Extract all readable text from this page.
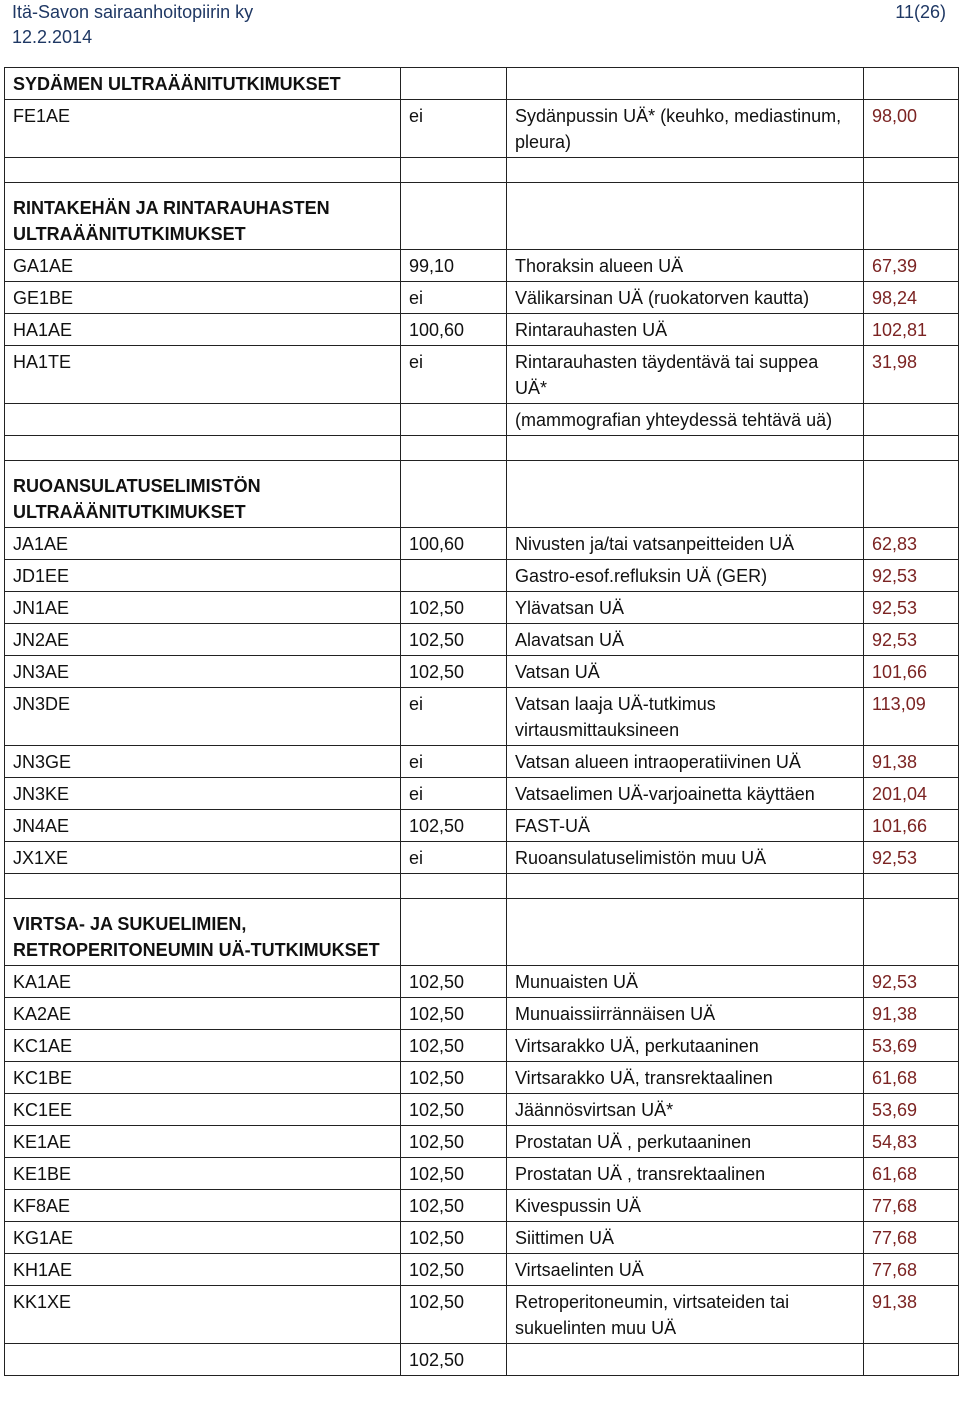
Itä-Savon sairaanhoitopiirin ky
12.2.2014
11(26)
SYDÄMEN ULTRAÄÄNITUTKIMUKSET			
FE1AE	ei	Sydänpussin UÄ* (keuhko, mediastinum, pleura)	98,00

RINTAKEHÄN JA RINTARAUHASTEN ULTRAÄÄNITUTKIMUKSET			
GA1AE	99,10	Thoraksin alueen UÄ	67,39
GE1BE	ei	Välikarsinan UÄ (ruokatorven kautta)	98,24
HA1AE	100,60	Rintarauhasten UÄ	102,81
HA1TE	ei	Rintarauhasten täydentävä tai suppea UÄ*	31,98
		(mammografian yhteydessä tehtävä uä)	

RUOANSULATUSELIMISTÖN ULTRAÄÄNITUTKIMUKSET			
JA1AE	100,60	Nivusten ja/tai vatsanpeitteiden UÄ	62,83
JD1EE		Gastro-esof.refluksin UÄ (GER)	92,53
JN1AE	102,50	Ylävatsan UÄ	92,53
JN2AE	102,50	Alavatsan UÄ	92,53
JN3AE	102,50	Vatsan UÄ	101,66
JN3DE	ei	Vatsan laaja UÄ-tutkimus virtausmittauksineen	113,09
JN3GE	ei	Vatsan alueen intraoperatiivinen UÄ	91,38
JN3KE	ei	Vatsaelimen UÄ-varjoainetta käyttäen	201,04
JN4AE	102,50	FAST-UÄ	101,66
JX1XE	ei	Ruoansulatuselimistön muu UÄ	92,53

VIRTSA- JA SUKUELIMIEN, RETROPERITONEUMIN UÄ-TUTKIMUKSET			
KA1AE	102,50	Munuaisten UÄ	92,53
KA2AE	102,50	Munuaissiirrännäisen UÄ	91,38
KC1AE	102,50	Virtsarakko UÄ, perkutaaninen	53,69
KC1BE	102,50	Virtsarakko UÄ, transrektaalinen	61,68
KC1EE	102,50	Jäännösvirtsan UÄ*	53,69
KE1AE	102,50	Prostatan UÄ , perkutaaninen	54,83
KE1BE	102,50	Prostatan UÄ , transrektaalinen	61,68
KF8AE	102,50	Kivespussin UÄ	77,68
KG1AE	102,50	Siittimen UÄ	77,68
KH1AE	102,50	Virtsaelinten UÄ	77,68
KK1XE	102,50	Retroperitoneumin, virtsateiden tai sukuelinten muu UÄ	91,38
	102,50		
